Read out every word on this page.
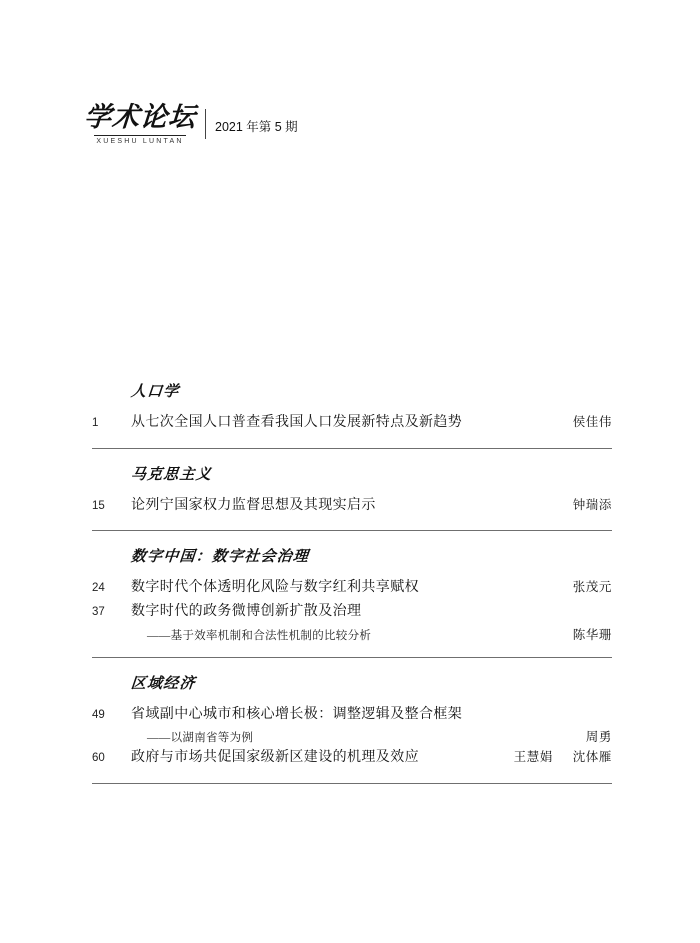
学术论坛
XUESHU LUNTAN
2021 年第 5 期
人口学
1	从七次全国人口普查看我国人口发展新特点及新趋势	侯佳伟
马克思主义
15	论列宁国家权力监督思想及其现实启示	钟瑞添
数字中国：数字社会治理
24	数字时代个体透明化风险与数字红利共享赋权	张茂元
37	数字时代的政务微博创新扩散及治理
——基于效率机制和合法性机制的比较分析	陈华珊
区域经济
49	省域副中心城市和核心增长极：调整逻辑及整合框架
——以湖南省等为例	周勇
60	政府与市场共促国家级新区建设的机理及效应	王慧娟 沈体雁
